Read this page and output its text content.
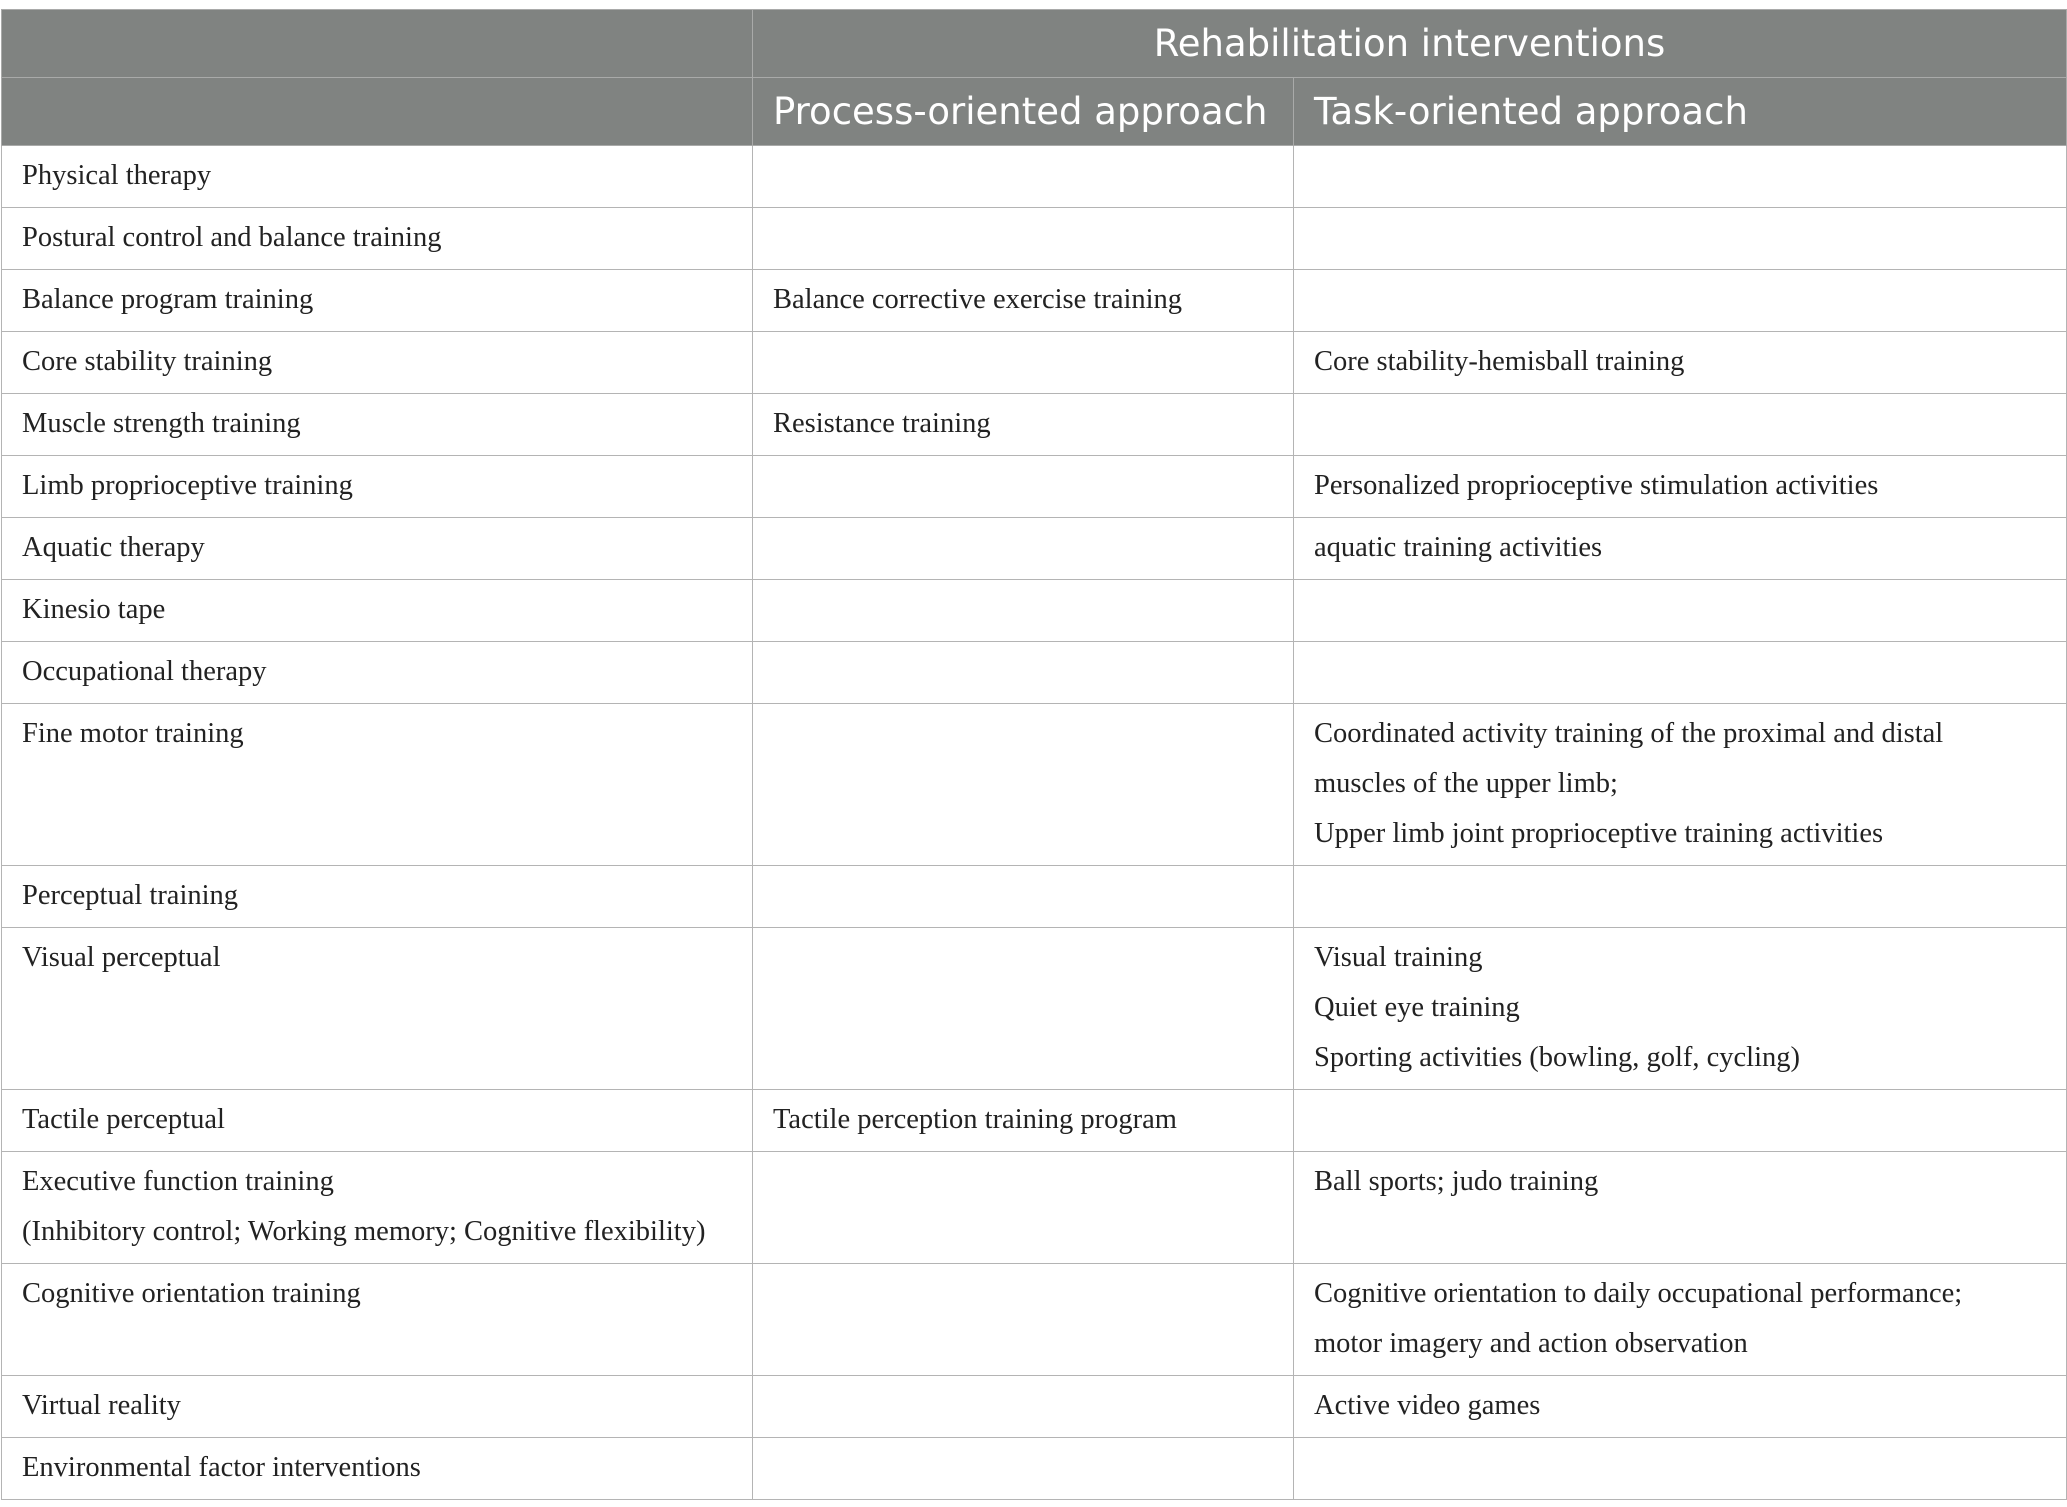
	Rehabilitation interventions	
	Process-oriented approach	Task-oriented approach

Physical therapy		

Postural control and balance training		

Balance program training	Balance corrective exercise training	

Core stability training		Core stability-hemisball training

Muscle strength training	Resistance training	

Limb proprioceptive training		Personalized proprioceptive stimulation activities

Aquatic therapy		aquatic training activities

Kinesio tape		

Occupational therapy		

Fine motor training		Coordinated activity training of the proximal and distal
muscles of the upper limb;
Upper limb joint proprioceptive training activities

Perceptual training		

Visual perceptual		Visual training
Quiet eye training
Sporting activities (bowling, golf, cycling)

Tactile perceptual	Tactile perception training program	

Executive function training
(Inhibitory control; Working memory; Cognitive flexibility)		Ball sports; judo training

Cognitive orientation training		Cognitive orientation to daily occupational performance;
motor imagery and action observation

Virtual reality		Active video games

Environmental factor interventions		
